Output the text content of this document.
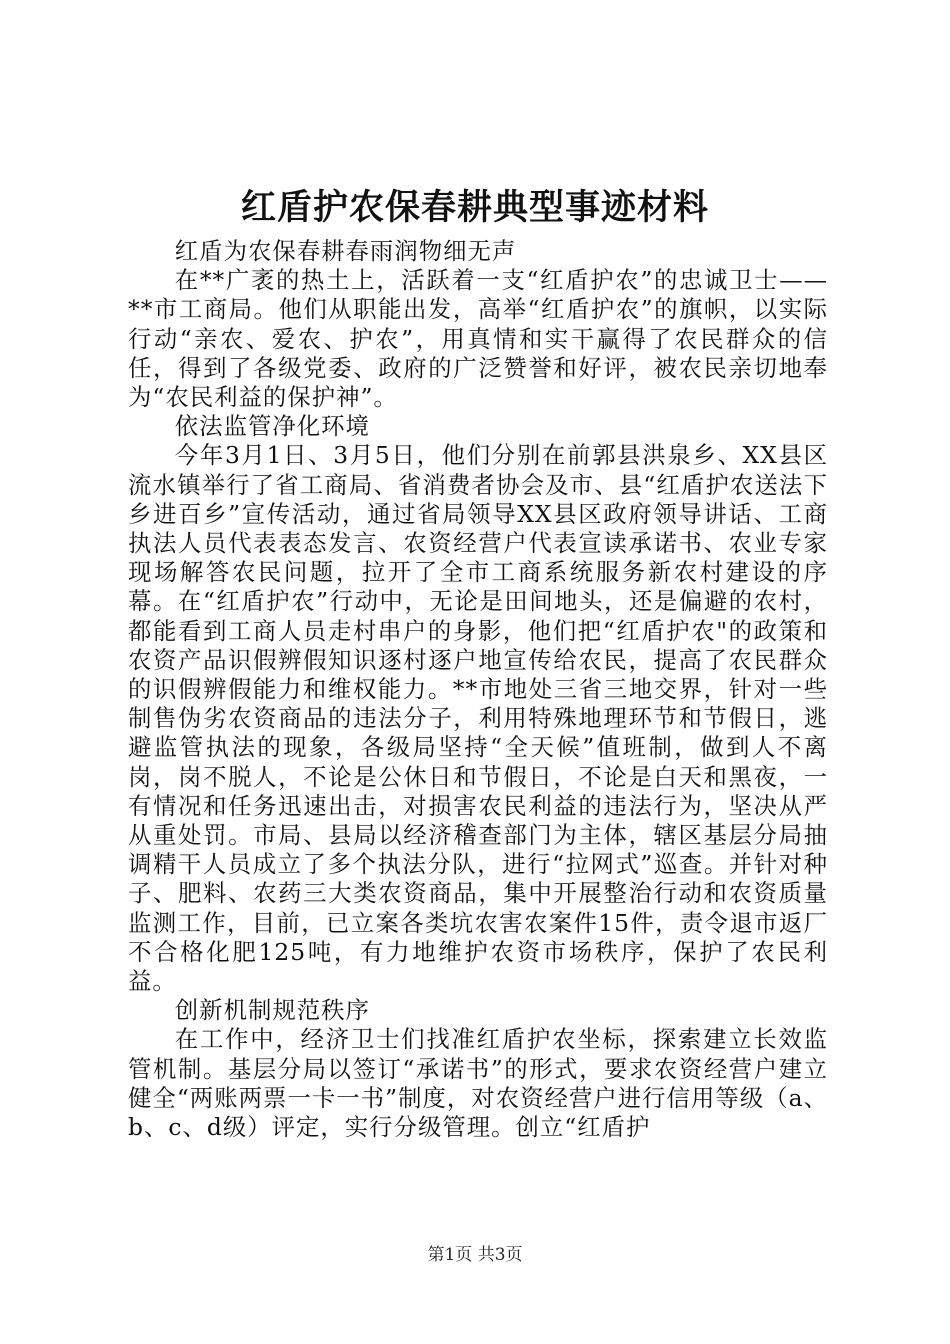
红盾护农保春耕典型事迹材料

红盾为农保春耕春雨润物细无声

在**广袤的热土上，活跃着一支“红盾护农”的忠诚卫士——**市工商局。他们从职能出发，高举“红盾护农”的旗帜，以实际行动“亲农、爱农、护农”，用真情和实干赢得了农民群众的信任，得到了各级党委、政府的广泛赞誉和好评，被农民亲切地奉为“农民利益的保护神”。

依法监管净化环境

今年3月1日、3月5日，他们分别在前郭县洪泉乡、XX县区流水镇举行了省工商局、省消费者协会及市、县“红盾护农送法下乡进百乡”宣传活动，通过省局领导XX县区政府领导讲话、工商执法人员代表表态发言、农资经营户代表宣读承诺书、农业专家现场解答农民问题，拉开了全市工商系统服务新农村建设的序幕。在“红盾护农”行动中，无论是田间地头，还是偏避的农村，都能看到工商人员走村串户的身影，他们把“红盾护农"的政策和农资产品识假辨假知识逐村逐户地宣传给农民，提高了农民群众的识假辨假能力和维权能力。**市地处三省三地交界，针对一些制售伪劣农资商品的违法分子，利用特殊地理环节和节假日，逃避监管执法的现象，各级局坚持“全天候”值班制，做到人不离岗，岗不脱人，不论是公休日和节假日，不论是白天和黑夜，一有情况和任务迅速出击，对损害农民利益的违法行为，坚决从严从重处罚。市局、县局以经济稽查部门为主体，辖区基层分局抽调精干人员成立了多个执法分队，进行“拉网式”巡查。并针对种子、肥料、农药三大类农资商品，集中开展整治行动和农资质量监测工作，目前，已立案各类坑农害农案件15件，责令退市返厂不合格化肥125吨，有力地维护农资市场秩序，保护了农民利益。

创新机制规范秩序

在工作中，经济卫士们找准红盾护农坐标，探索建立长效监管机制。基层分局以签订“承诺书”的形式，要求农资经营户建立健全“两账两票一卡一书”制度，对农资经营户进行信用等级（a、b、c、d级）评定，实行分级管理。创立“红盾护

第1页 共3页
